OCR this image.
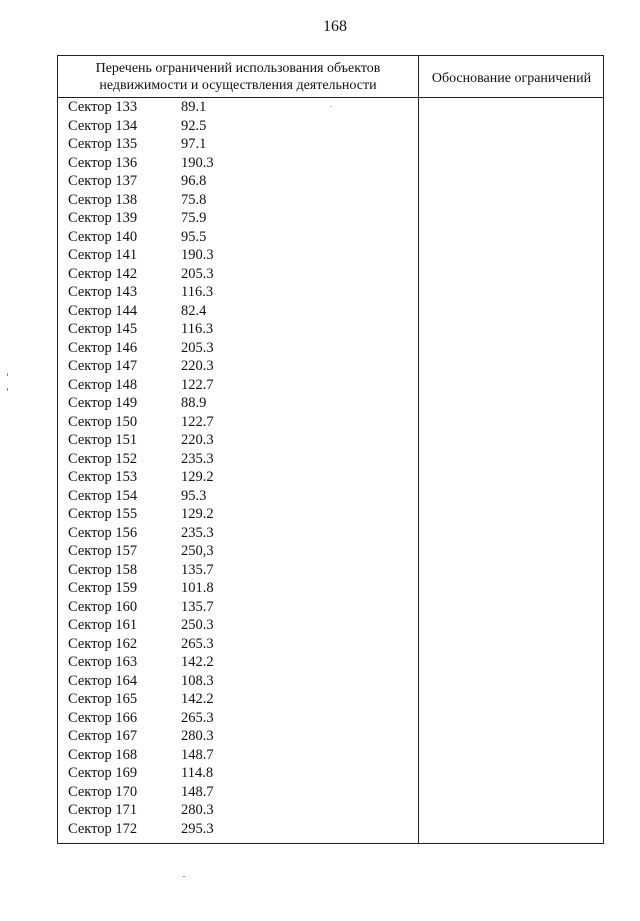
168
Перечень ограничений использования объектов недвижимости и осуществления деятельности	Обоснование ограничений
Сектор 133	89.1
Сектор 134	92.5
Сектор 135	97.1
Сектор 136	190.3
Сектор 137	96.8
Сектор 138	75.8
Сектор 139	75.9
Сектор 140	95.5
Сектор 141	190.3
Сектор 142	205.3
Сектор 143	116.3
Сектор 144	82.4
Сектор 145	116.3
Сектор 146	205.3
Сектор 147	220.3
Сектор 148	122.7
Сектор 149	88.9
Сектор 150	122.7
Сектор 151	220.3
Сектор 152	235.3
Сектор 153	129.2
Сектор 154	95.3
Сектор 155	129.2
Сектор 156	235.3
Сектор 157	250,3
Сектор 158	135.7
Сектор 159	101.8
Сектор 160	135.7
Сектор 161	250.3
Сектор 162	265.3
Сектор 163	142.2
Сектор 164	108.3
Сектор 165	142.2
Сектор 166	265.3
Сектор 167	280.3
Сектор 168	148.7
Сектор 169	114.8
Сектор 170	148.7
Сектор 171	280.3
Сектор 172	295.3
